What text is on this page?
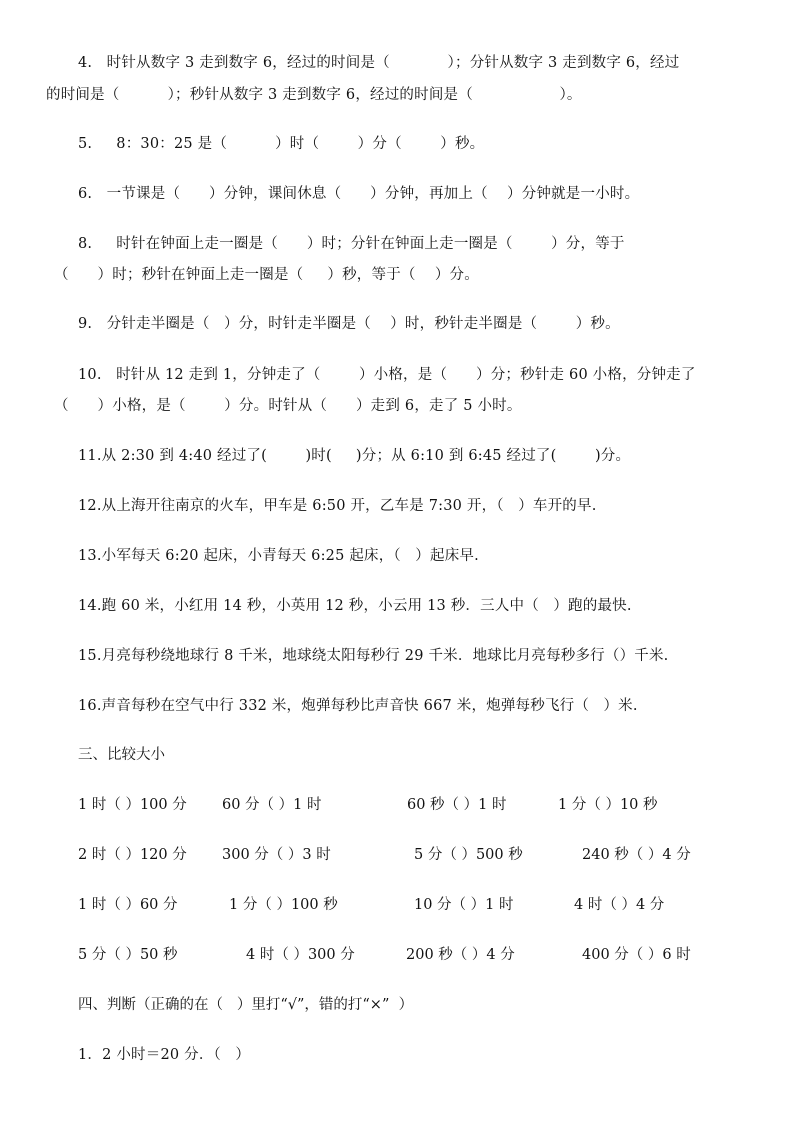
4.   时针从数字 3 走到数字 6，经过的时间是（            ）；分针从数字 3 走到数字 6，经过
的时间是（          ）；秒针从数字 3 走到数字 6，经过的时间是（                  ）。
5.     8：30：25 是（          ）时（        ）分（        ）秒。
6.   一节课是（      ）分钟，课间休息（      ）分钟，再加上（    ）分钟就是一小时。
8.     时针在钟面上走一圈是（      ）时；分针在钟面上走一圈是（        ）分，等于
（      ）时；秒针在钟面上走一圈是（     ）秒，等于（    ）分。
9.   分针走半圈是（   ）分，时针走半圈是（    ）时，秒针走半圈是（        ）秒。
10.   时针从 12 走到 1，分钟走了（        ）小格，是（      ）分；秒针走 60 小格，分钟走了
（      ）小格，是（        ）分。时针从（      ）走到 6，走了 5 小时。
11.从 2:30 到 4:40 经过了(        )时(     )分；从 6:10 到 6:45 经过了(        )分。
12.从上海开往南京的火车，甲车是 6:50 开，乙车是 7:30 开，（   ）车开的早.
13.小军每天 6:20 起床，小青每天 6:25 起床，（   ）起床早.
14.跑 60 米，小红用 14 秒，小英用 12 秒，小云用 13 秒．三人中（   ）跑的最快.
15.月亮每秒绕地球行 8 千米，地球绕太阳每秒行 29 千米．地球比月亮每秒多行（）千米.
16.声音每秒在空气中行 332 米，炮弹每秒比声音快 667 米，炮弹每秒飞行（   ）米.
三、比较大小
1 时（ ）100 分 60 分（ ）1 时	60 秒（ ）1 时	1 分（ ）10 秒
2 时（ ）120 分 300 分（ ）3 时	5 分（ ）500 秒	240 秒（ ）4 分
1 时（ ）60 分	1 分（ ）100 秒	10 分（ ）1 时	4 时（ ）4 分
5 分（ ）50 秒	4 时（ ）300 分	200 秒（ ）4 分	400 分（ ）6 时
四、判断（正确的在（   ）里打“√”，错的打“×”  ）
1．2 小时＝20 分．（   ）
